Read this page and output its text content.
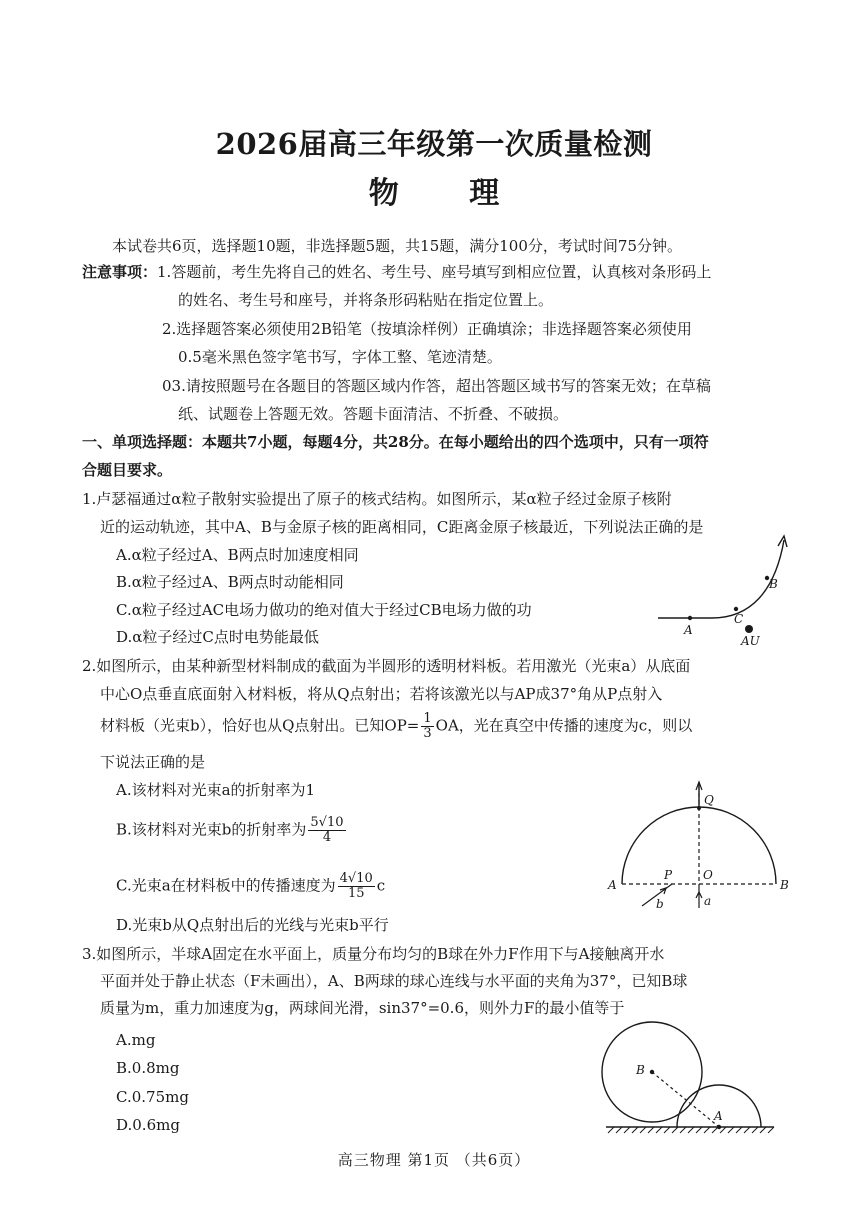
2026届高三年级第一次质量检测
物 理
本试卷共6页，选择题10题，非选择题5题，共15题，满分100分，考试时间75分钟。
注意事项：1.答题前，考生先将自己的姓名、考生号、座号填写到相应位置，认真核对条形码上
的姓名、考生号和座号，并将条形码粘贴在指定位置上。
2.选择题答案必须使用2B铅笔（按填涂样例）正确填涂；非选择题答案必须使用
0.5毫米黑色签字笔书写，字体工整、笔迹清楚。
03.请按照题号在各题目的答题区域内作答，超出答题区域书写的答案无效；在草稿
纸、试题卷上答题无效。答题卡面清洁、不折叠、不破损。
一、单项选择题：本题共7小题，每题4分，共28分。在每小题给出的四个选项中，只有一项符
合题目要求。
1.卢瑟福通过α粒子散射实验提出了原子的核式结构。如图所示，某α粒子经过金原子核附
近的运动轨迹，其中A、B与金原子核的距离相同，C距离金原子核最近，下列说法正确的是
A.α粒子经过A、B两点时加速度相同
B.α粒子经过A、B两点时动能相同
C.α粒子经过AC电场力做功的绝对值大于经过CB电场力做的功
D.α粒子经过C点时电势能最低	A
C
B
AU
2.如图所示，由某种新型材料制成的截面为半圆形的透明材料板。若用激光（光束a）从底面
中心O点垂直底面射入材料板，将从Q点射出；若将该激光以与AP成37°角从P点射入
材料板（光束b），恰好也从Q点射出。已知$OP= \frac{1}{3}$ OA，光在真空中传播的速度为c，则以
下说法正确的是
A.该材料对光束a的折射率为1
B.该材料对光束b的折射率为 $\frac{5√10}{4}$
C.光束a在材料板中的传播速度为 $\frac{4√10}{15}$ c
D.光束b从Q点射出后的光线与光束b平行
Q
P	O
A	B
a
b
3.如图所示，半球A固定在水平面上，质量分布均匀的B球在外力F作用下与A接触离开水
平面并处于静止状态（F未画出），A、B两球的球心连线与水平面的夹角为37°，已知B球
质量为m，重力加速度为g，两球间光滑，sin37°=0.6，则外力F的最小值等于
A.mg
B.0.8mg
C.0.75mg
D.0.6mg
B
A
高三物理 第1页 （共6页）
